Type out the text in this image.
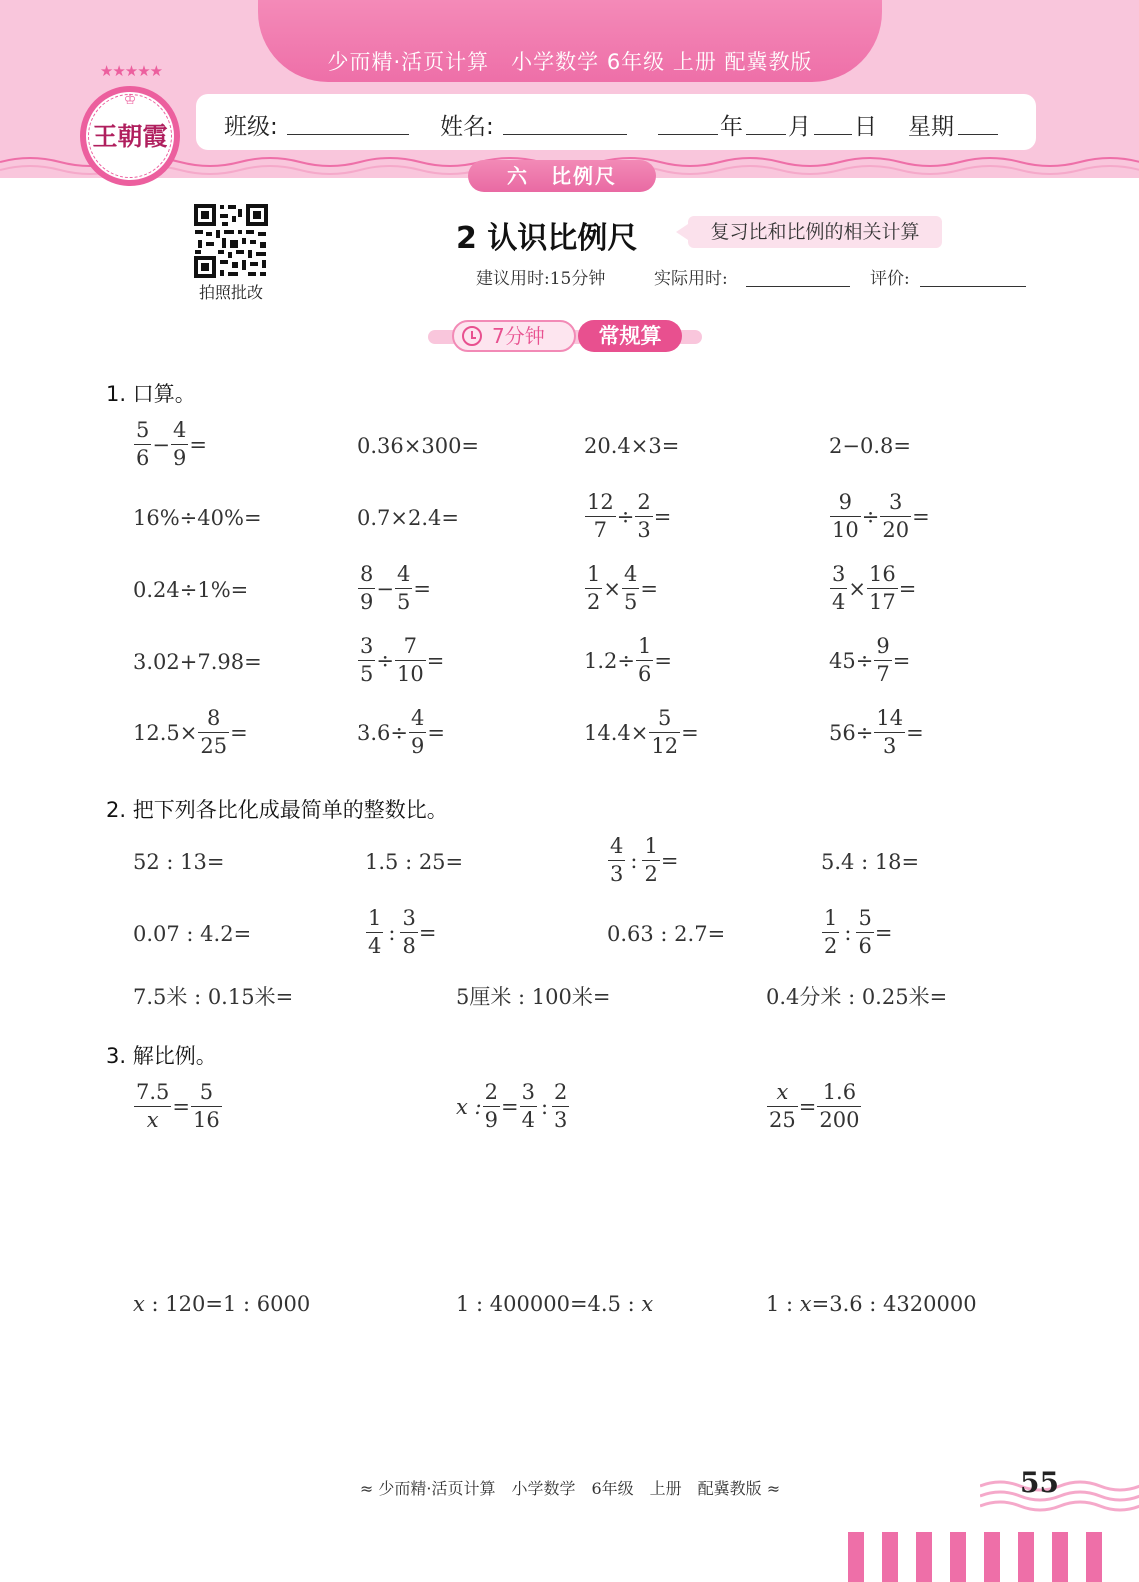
少而精·活页计算　小学数学 6年级 上册 配冀教版
班级:	姓名:	年 月 日 星期
★★★★★
♔
王朝霞
六　比例尺
拍照批改
2 认识比例尺	复习比和比例的相关计算
建议用时:15分钟	实际用时:	评价:
7分钟	常规算
1. 口算。
$\frac{5}{6} - \frac{4}{9}$ =	0.36×300=	20.4×3=	2−0.8=
16%÷40%=	0.7×2.4=	$\frac{12}{7} \div \frac{2}{3}$ =	$\frac{9}{10} \div \frac{3}{20}$ =
0.24÷1%=	$\frac{8}{9} - \frac{4}{5}$ =	$\frac{1}{2} \times \frac{4}{5}$ =	$\frac{3}{4} \times \frac{16}{17}$ =
3.02+7.98=	$\frac{3}{5} \div \frac{7}{10}$ =	$1.2\div \frac{1}{6}$ =	$45\div \frac{9}{7}$ =
$12.5\times \frac{8}{25}$ =	$3.6\div \frac{4}{9}$ =	$14.4\times \frac{5}{12}$ =	$56\div \frac{14}{3}$ =
2. 把下列各比化成最简单的整数比。
52 : 13=	1.5 : 25=	$\frac{4}{3}$ : $\frac{1}{2}$ =	5.4 : 18=
0.07 : 4.2=	$\frac{1}{4}$ : $\frac{3}{8}$ =	0.63 : 2.7=	$\frac{1}{2}$ : $\frac{5}{6}$ =
7.5米 : 0.15米=	5厘米 : 100米=	0.4分米 : 0.25米=
3. 解比例。
$\frac{7.5}{x} = \frac{5}{16}$	x : $\frac{2}{9} = \frac{3}{4}$ : $\frac{2}{3}$	$\frac{x}{25} = \frac{1.6}{200}$
x : 120=1 : 6000	1 : 400000=4.5 : x	1 : x =3.6 : 4320000
≈ 少而精·活页计算　小学数学　6年级　上册　配冀教版 ≈	55
